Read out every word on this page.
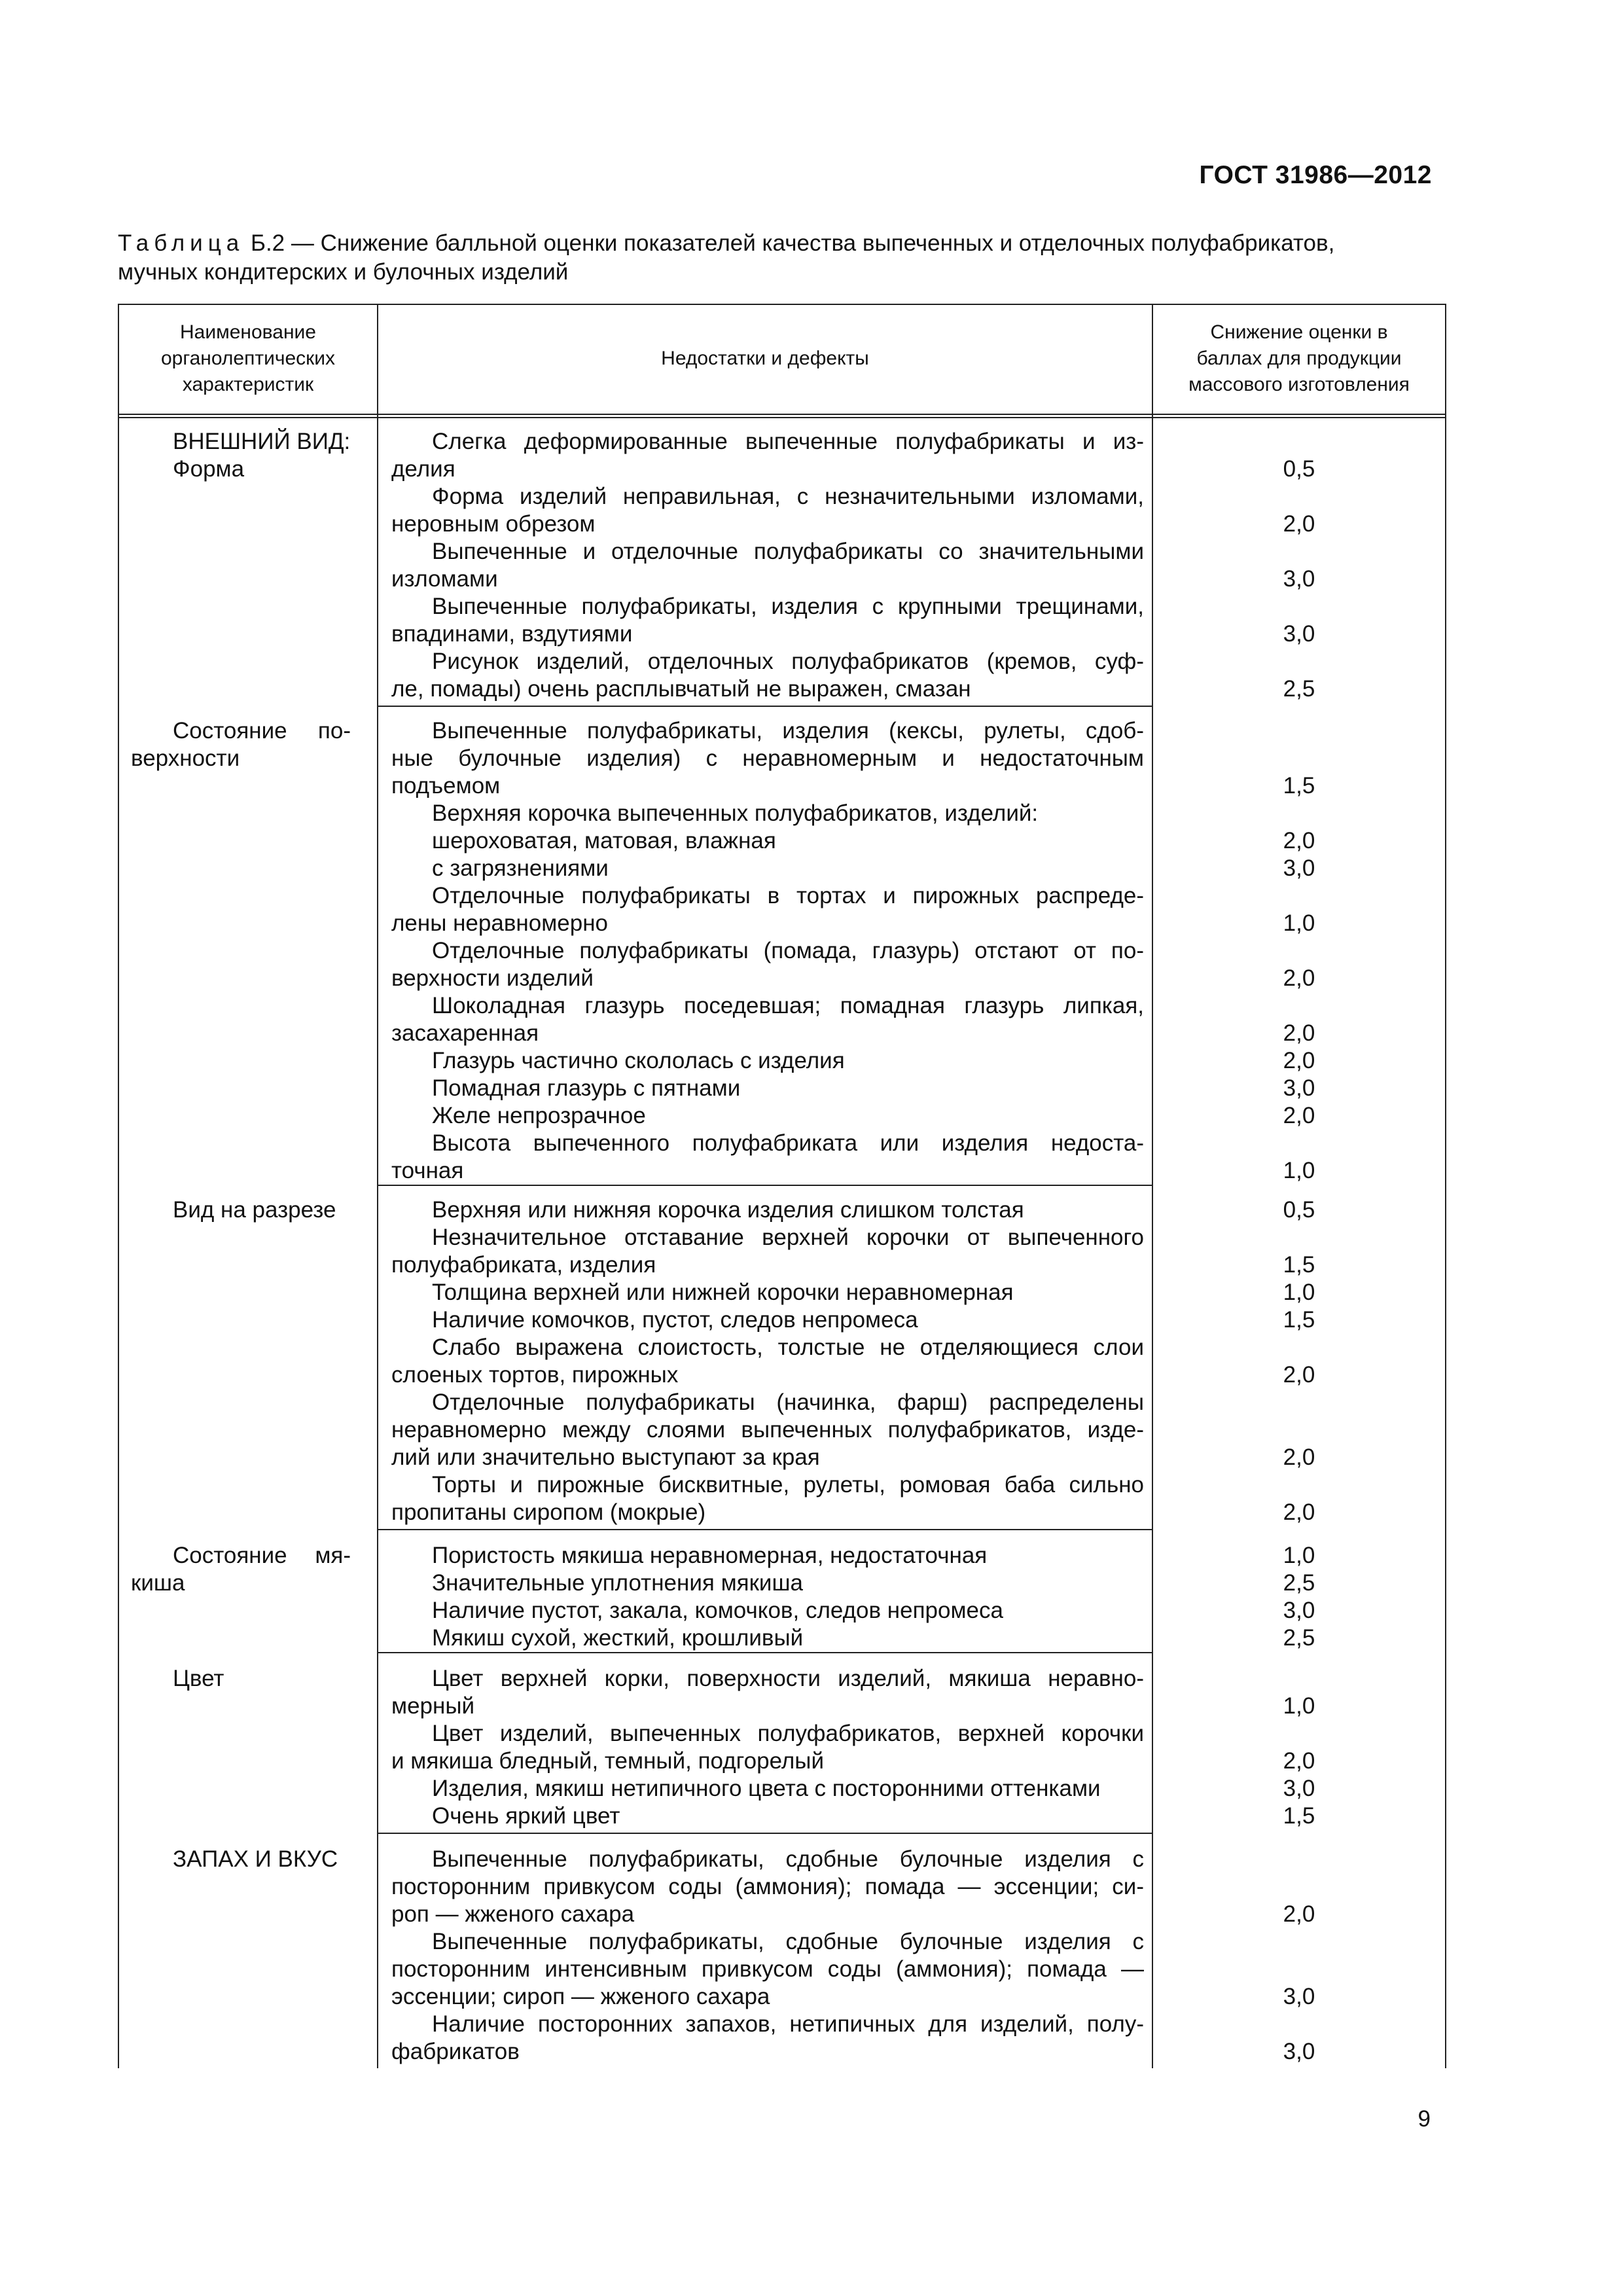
ГОСТ 31986—2012
Таблица Б.2 — Снижение балльной оценки показателей качества выпеченных и отделочных полуфабрикатов,
мучных кондитерских и булочных изделий
Наименование
органолептических
характеристик
Недостатки и дефекты
Снижение оценки в
баллах для продукции
массового изготовления
ВНЕШНИЙ ВИД:
Форма
Состояние по-
верхности
Вид на разрезе
Состояние мя-
киша
Цвет
ЗАПАХ И ВКУС
Слегка деформированные выпеченные полуфабрикаты и из-
делия
Форма изделий неправильная, с незначительными изломами,
неровным обрезом
Выпеченные и отделочные полуфабрикаты со значительными
изломами
Выпеченные полуфабрикаты, изделия с крупными трещинами,
впадинами, вздутиями
Рисунок изделий, отделочных полуфабрикатов (кремов, суф-
ле, помады) очень расплывчатый не выражен, смазан
Выпеченные полуфабрикаты, изделия (кексы, рулеты, сдоб-
ные булочные изделия) с неравномерным и недостаточным
подъемом
Верхняя корочка выпеченных полуфабрикатов, изделий:
шероховатая, матовая, влажная
с загрязнениями
Отделочные полуфабрикаты в тортах и пирожных распреде-
лены неравномерно
Отделочные полуфабрикаты (помада, глазурь) отстают от по-
верхности изделий
Шоколадная глазурь поседевшая; помадная глазурь липкая,
засахаренная
Глазурь частично скололась с изделия
Помадная глазурь с пятнами
Желе непрозрачное
Высота выпеченного полуфабриката или изделия недоста-
точная
Верхняя или нижняя корочка изделия слишком толстая
Незначительное отставание верхней корочки от выпеченного
полуфабриката, изделия
Толщина верхней или нижней корочки неравномерная
Наличие комочков, пустот, следов непромеса
Слабо выражена слоистость, толстые не отделяющиеся слои
слоеных тортов, пирожных
Отделочные полуфабрикаты (начинка, фарш) распределены
неравномерно между слоями выпеченных полуфабрикатов, изде-
лий или значительно выступают за края
Торты и пирожные бисквитные, рулеты, ромовая баба сильно
пропитаны сиропом (мокрые)
Пористость мякиша неравномерная, недостаточная
Значительные уплотнения мякиша
Наличие пустот, закала, комочков, следов непромеса
Мякиш сухой, жесткий, крошливый
Цвет верхней корки, поверхности изделий, мякиша неравно-
мерный
Цвет изделий, выпеченных полуфабрикатов, верхней корочки
и мякиша бледный, темный, подгорелый
Изделия, мякиш нетипичного цвета с посторонними оттенками
Очень яркий цвет
Выпеченные полуфабрикаты, сдобные булочные изделия с
посторонним привкусом соды (аммония); помада — эссенции; си-
роп — жженого сахара
Выпеченные полуфабрикаты, сдобные булочные изделия с
посторонним интенсивным привкусом соды (аммония); помада —
эссенции; сироп — жженого сахара
Наличие посторонних запахов, нетипичных для изделий, полу-
фабрикатов
0,5
2,0
3,0
3,0
2,5
1,5
2,0
3,0
1,0
2,0
2,0
2,0
3,0
2,0
1,0
0,5
1,5
1,0
1,5
2,0
2,0
2,0
1,0
2,5
3,0
2,5
1,0
2,0
3,0
1,5
2,0
3,0
3,0
9
